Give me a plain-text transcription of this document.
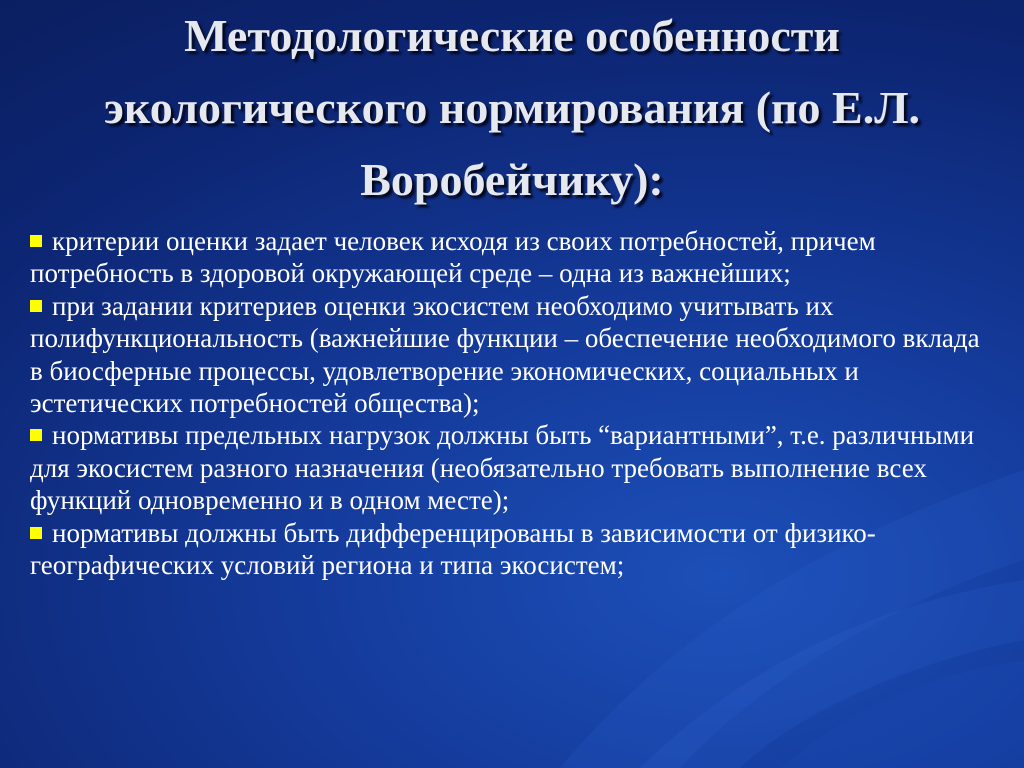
Методологические особенности экологического нормирования (по Е.Л. Воробейчику):
критерии оценки задает человек исходя из своих потребностей, причем потребность в здоровой окружающей среде – одна из важнейших;
при задании критериев оценки экосистем необходимо учитывать их полифункциональность (важнейшие функции – обеспечение необходимого вклада в биосферные процессы, удовлетворение экономических, социальных и эстетических потребностей общества);
нормативы предельных нагрузок должны быть “вариантными”, т.е. различными для экосистем разного назначения (необязательно требовать выполнение всех функций одновременно и в одном месте);
нормативы должны быть дифференцированы в зависимости от физико-географических условий региона и типа экосистем;
